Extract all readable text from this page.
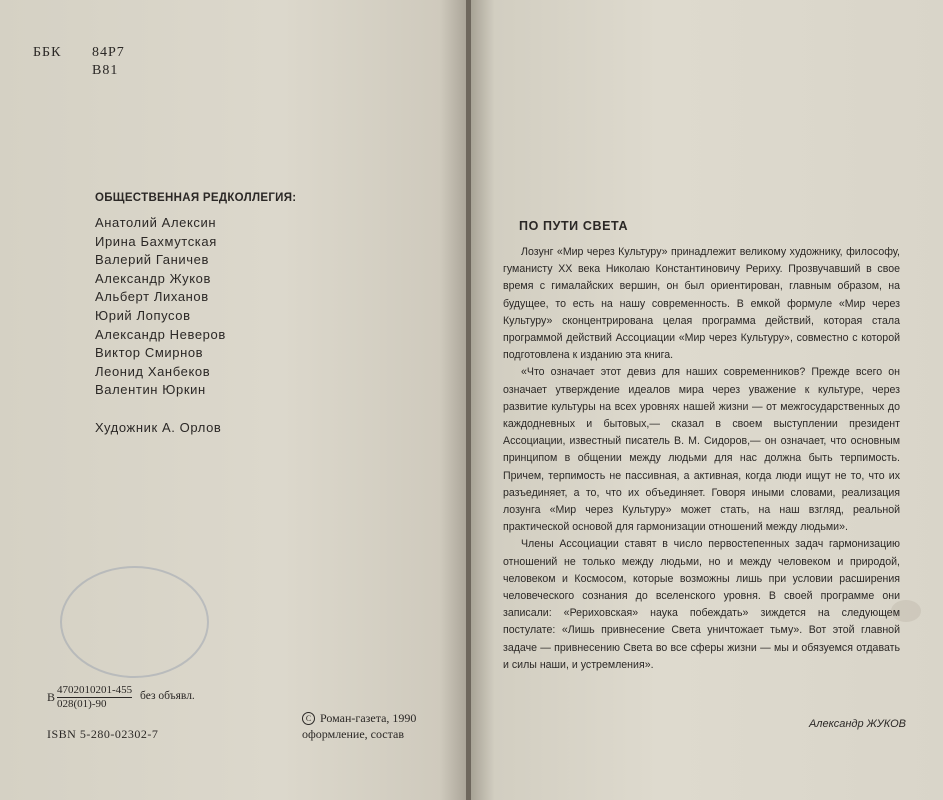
ББК 84Р7
В81
ОБЩЕСТВЕННАЯ РЕДКОЛЛЕГИЯ:
Анатолий Алексин
Ирина Бахмутская
Валерий Ганичев
Александр Жуков
Альберт Лиханов
Юрий Лопусов
Александр Неверов
Виктор Смирнов
Леонид Ханбеков
Валентин Юркин
Художник А. Орлов
В $\frac{4702010201-455}{028(01)-90}$ без объявл.
ISBN 5-280-02302-7
C Роман-газета, 1990
оформление, состав
ПО ПУТИ СВЕТА

Лозунг «Мир через Культуру» принадлежит великому художнику, философу, гуманисту XX века Николаю Константиновичу Рериху. Прозвучавший в свое время с гималайских вершин, он был ориентирован, главным образом, на будущее, то есть на нашу современность. В емкой формуле «Мир через Культуру» сконцентрирована целая программа действий, которая стала программой действий Ассоциации «Мир через Культуру», совместно с которой подготовлена к изданию эта книга.

«Что означает этот девиз для наших современников? Прежде всего он означает утверждение идеалов мира через уважение к культуре, через развитие культуры на всех уровнях нашей жизни — от межгосударственных до каждодневных и бытовых,— сказал в своем выступлении президент Ассоциации, известный писатель В. М. Сидоров,— он означает, что основным принципом в общении между людьми для нас должна быть терпимость. Причем, терпимость не пассивная, а активная, когда люди ищут не то, что их разъединяет, а то, что их объединяет. Говоря иными словами, реализация лозунга «Мир через Культуру» может стать, на наш взгляд, реальной практической основой для гармонизации отношений между людьми».

Члены Ассоциации ставят в число первостепенных задач гармонизацию отношений не только между людьми, но и между человеком и природой, человеком и Космосом, которые возможны лишь при условии расширения человеческого сознания до вселенского уровня. В своей программе они записали: «Рериховская» наука побеждать» зиждется на следующем постулате: «Лишь привнесение Света уничтожает тьму». Вот этой главной задаче — привнесению Света во все сферы жизни — мы и обязуемся отдавать и силы наши, и устремления».

Александр ЖУКОВ
